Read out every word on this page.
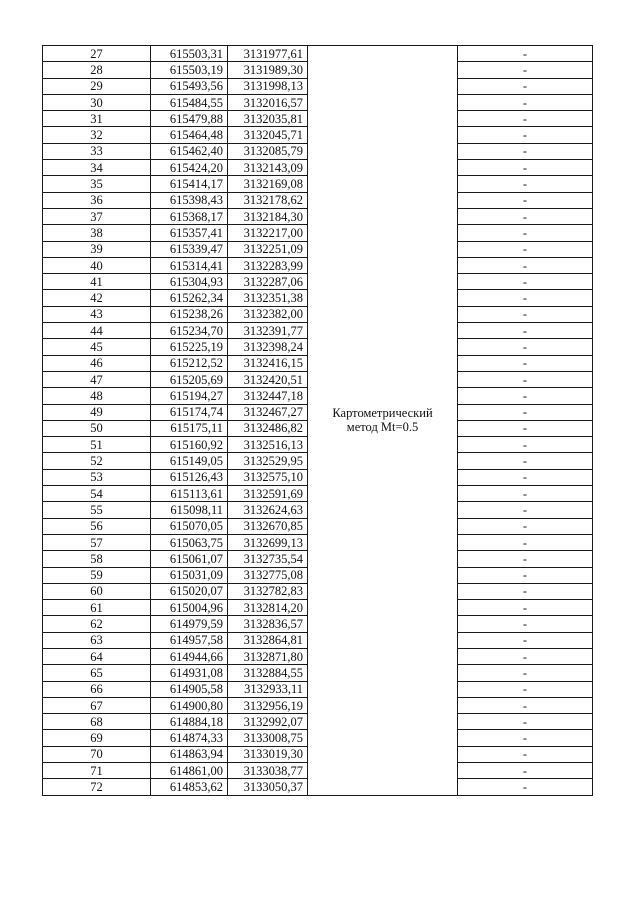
27	615503,31	3131977,61	Картометрический
метод Mt=0.5	-
28	615503,19	3131989,30		-
29	615493,56	3131998,13		-
30	615484,55	3132016,57		-
31	615479,88	3132035,81		-
32	615464,48	3132045,71		-
33	615462,40	3132085,79		-
34	615424,20	3132143,09		-
35	615414,17	3132169,08		-
36	615398,43	3132178,62		-
37	615368,17	3132184,30		-
38	615357,41	3132217,00		-
39	615339,47	3132251,09		-
40	615314,41	3132283,99		-
41	615304,93	3132287,06		-
42	615262,34	3132351,38		-
43	615238,26	3132382,00		-
44	615234,70	3132391,77		-
45	615225,19	3132398,24		-
46	615212,52	3132416,15		-
47	615205,69	3132420,51		-
48	615194,27	3132447,18		-
49	615174,74	3132467,27		-
50	615175,11	3132486,82		-
51	615160,92	3132516,13		-
52	615149,05	3132529,95		-
53	615126,43	3132575,10		-
54	615113,61	3132591,69		-
55	615098,11	3132624,63		-
56	615070,05	3132670,85		-
57	615063,75	3132699,13		-
58	615061,07	3132735,54		-
59	615031,09	3132775,08		-
60	615020,07	3132782,83		-
61	615004,96	3132814,20		-
62	614979,59	3132836,57		-
63	614957,58	3132864,81		-
64	614944,66	3132871,80		-
65	614931,08	3132884,55		-
66	614905,58	3132933,11		-
67	614900,80	3132956,19		-
68	614884,18	3132992,07		-
69	614874,33	3133008,75		-
70	614863,94	3133019,30		-
71	614861,00	3133038,77		-
72	614853,62	3133050,37		-
